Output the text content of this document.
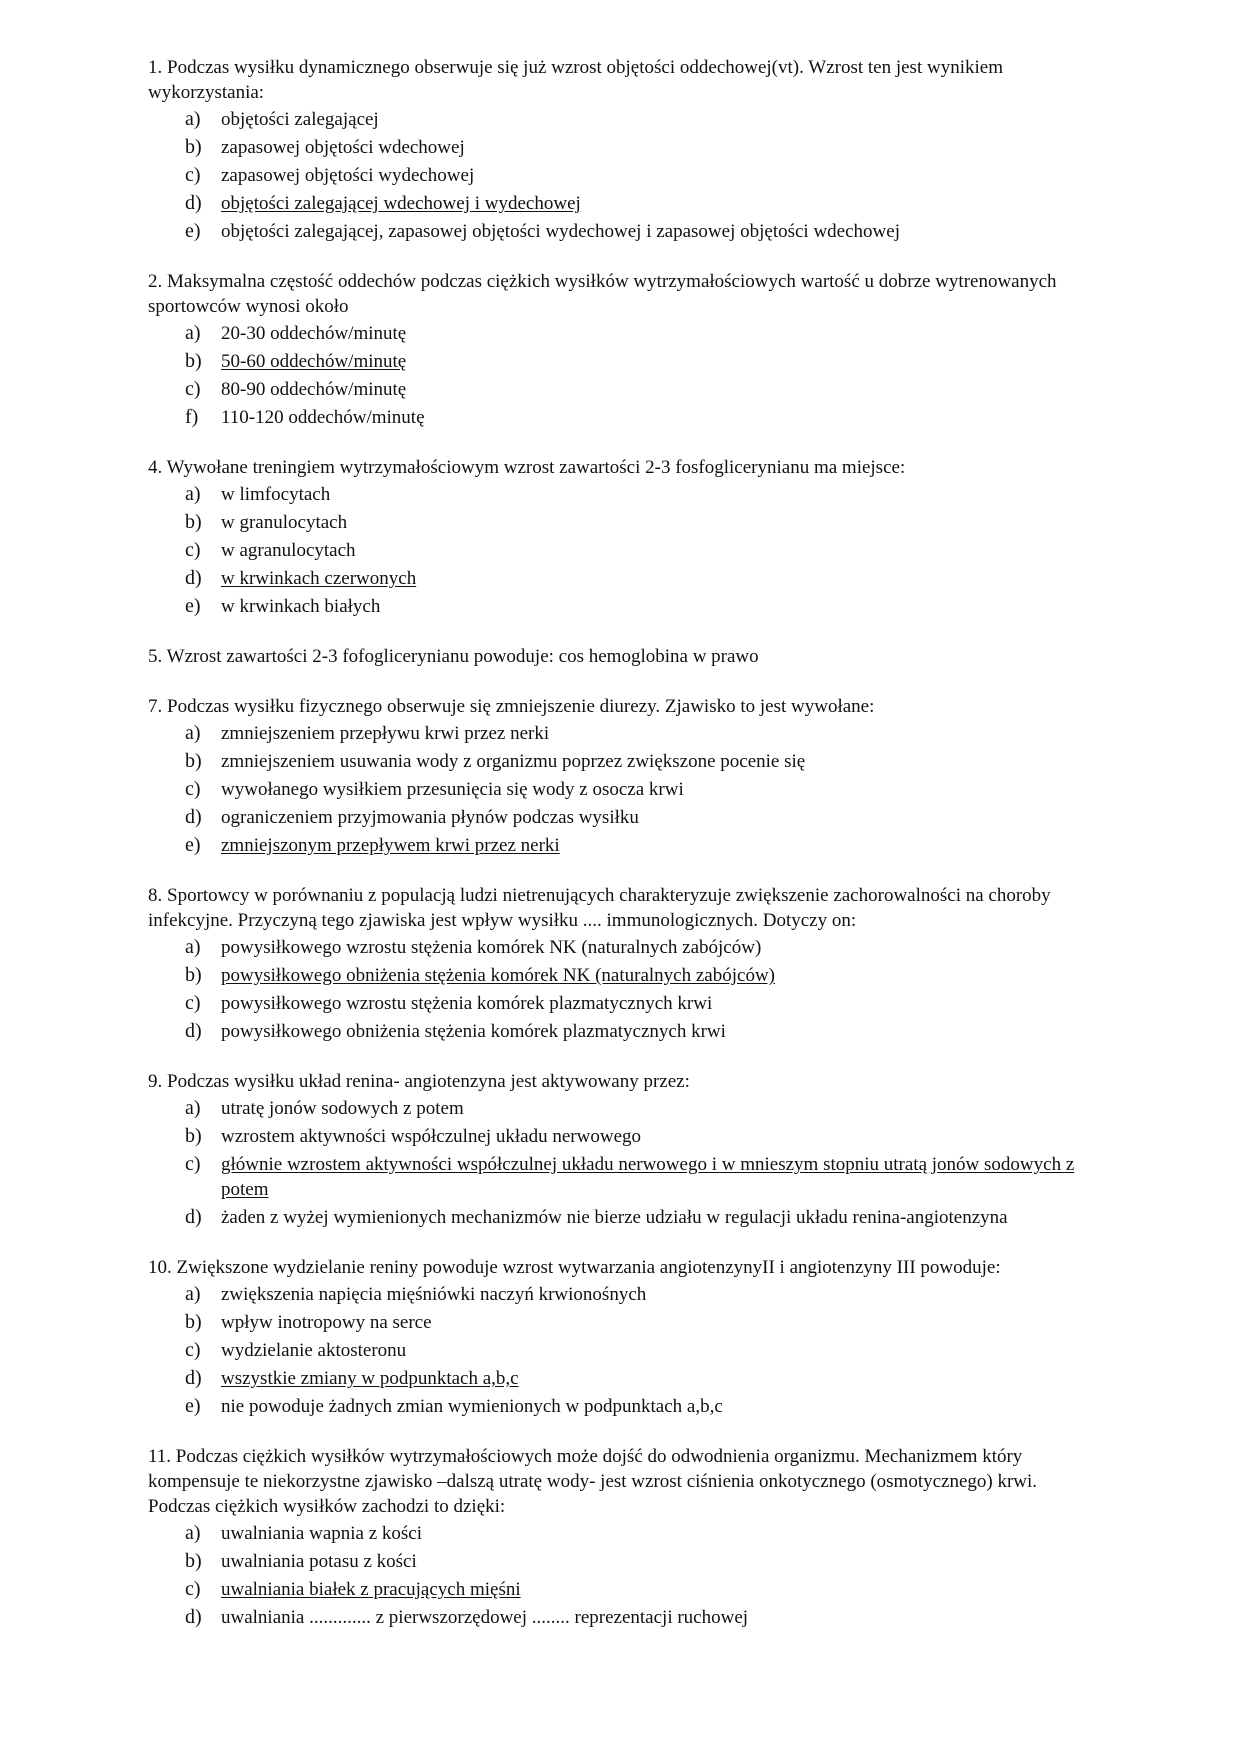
1. Podczas wysiłku dynamicznego obserwuje się już wzrost objętości oddechowej(vt). Wzrost ten jest wynikiem wykorzystania:
a) objętości zalegającej
b) zapasowej objętości wdechowej
c) zapasowej objętości wydechowej
d) objętości zalegającej wdechowej i wydechowej
e) objętości zalegającej, zapasowej objętości wydechowej i zapasowej objętości wdechowej
2. Maksymalna częstość oddechów podczas ciężkich wysiłków wytrzymałościowych wartość u dobrze wytrenowanych sportowców wynosi około
a) 20-30 oddechów/minutę
b) 50-60 oddechów/minutę
c) 80-90 oddechów/minutę
f) 110-120 oddechów/minutę
4. Wywołane treningiem wytrzymałościowym wzrost zawartości 2-3 fosfoglicerynianu ma miejsce:
a) w limfocytach
b) w granulocytach
c) w agranulocytach
d) w krwinkach czerwonych
e) w krwinkach białych
5. Wzrost zawartości 2-3 fofoglicerynianu powoduje: cos hemoglobina w prawo
7. Podczas wysiłku fizycznego obserwuje się zmniejszenie diurezy. Zjawisko to jest wywołane:
a) zmniejszeniem przepływu krwi przez nerki
b) zmniejszeniem usuwania wody z organizmu poprzez zwiększone pocenie się
c) wywołanego wysiłkiem przesunięcia się wody z osocza krwi
d) ograniczeniem przyjmowania płynów podczas wysiłku
e) zmniejszonym przepływem krwi przez nerki
8. Sportowcy w porównaniu z populacją ludzi nietrenujących charakteryzuje zwiększenie zachorowalności na choroby infekcyjne. Przyczyną tego zjawiska jest wpływ wysiłku .... immunologicznych. Dotyczy on:
a) powysiłkowego wzrostu stężenia komórek NK (naturalnych zabójców)
b) powysiłkowego obniżenia stężenia komórek NK (naturalnych zabójców)
c) powysiłkowego wzrostu stężenia komórek plazmatycznych krwi
d) powysiłkowego obniżenia stężenia komórek plazmatycznych krwi
9. Podczas wysiłku układ renina- angiotenzyna jest aktywowany przez:
a) utratę jonów sodowych z potem
b) wzrostem aktywności współczulnej układu nerwowego
c) głównie wzrostem aktywności współczulnej układu nerwowego i w mnieszym stopniu utratą jonów sodowych z potem
d) żaden z wyżej wymienionych mechanizmów nie bierze udziału w regulacji układu renina-angiotenzyna
10. Zwiększone wydzielanie reniny powoduje wzrost wytwarzania angiotenzynyII i angiotenzyny III powoduje:
a) zwiększenia napięcia mięśniówki naczyń krwionośnych
b) wpływ inotropowy na serce
c) wydzielanie aktosteronu
d) wszystkie zmiany w podpunktach a,b,c
e) nie powoduje żadnych zmian wymienionych w podpunktach a,b,c
11. Podczas ciężkich wysiłków wytrzymałościowych może dojść do odwodnienia organizmu. Mechanizmem który kompensuje te niekorzystne zjawisko –dalszą utratę wody- jest wzrost ciśnienia onkotycznego (osmotycznego) krwi. Podczas ciężkich wysiłków zachodzi to dzięki:
a) uwalniania wapnia z kości
b) uwalniania potasu z kości
c) uwalniania białek z pracujących mięśni
d) uwalniania ............. z pierwszorzędowej ........ reprezentacji ruchowej
